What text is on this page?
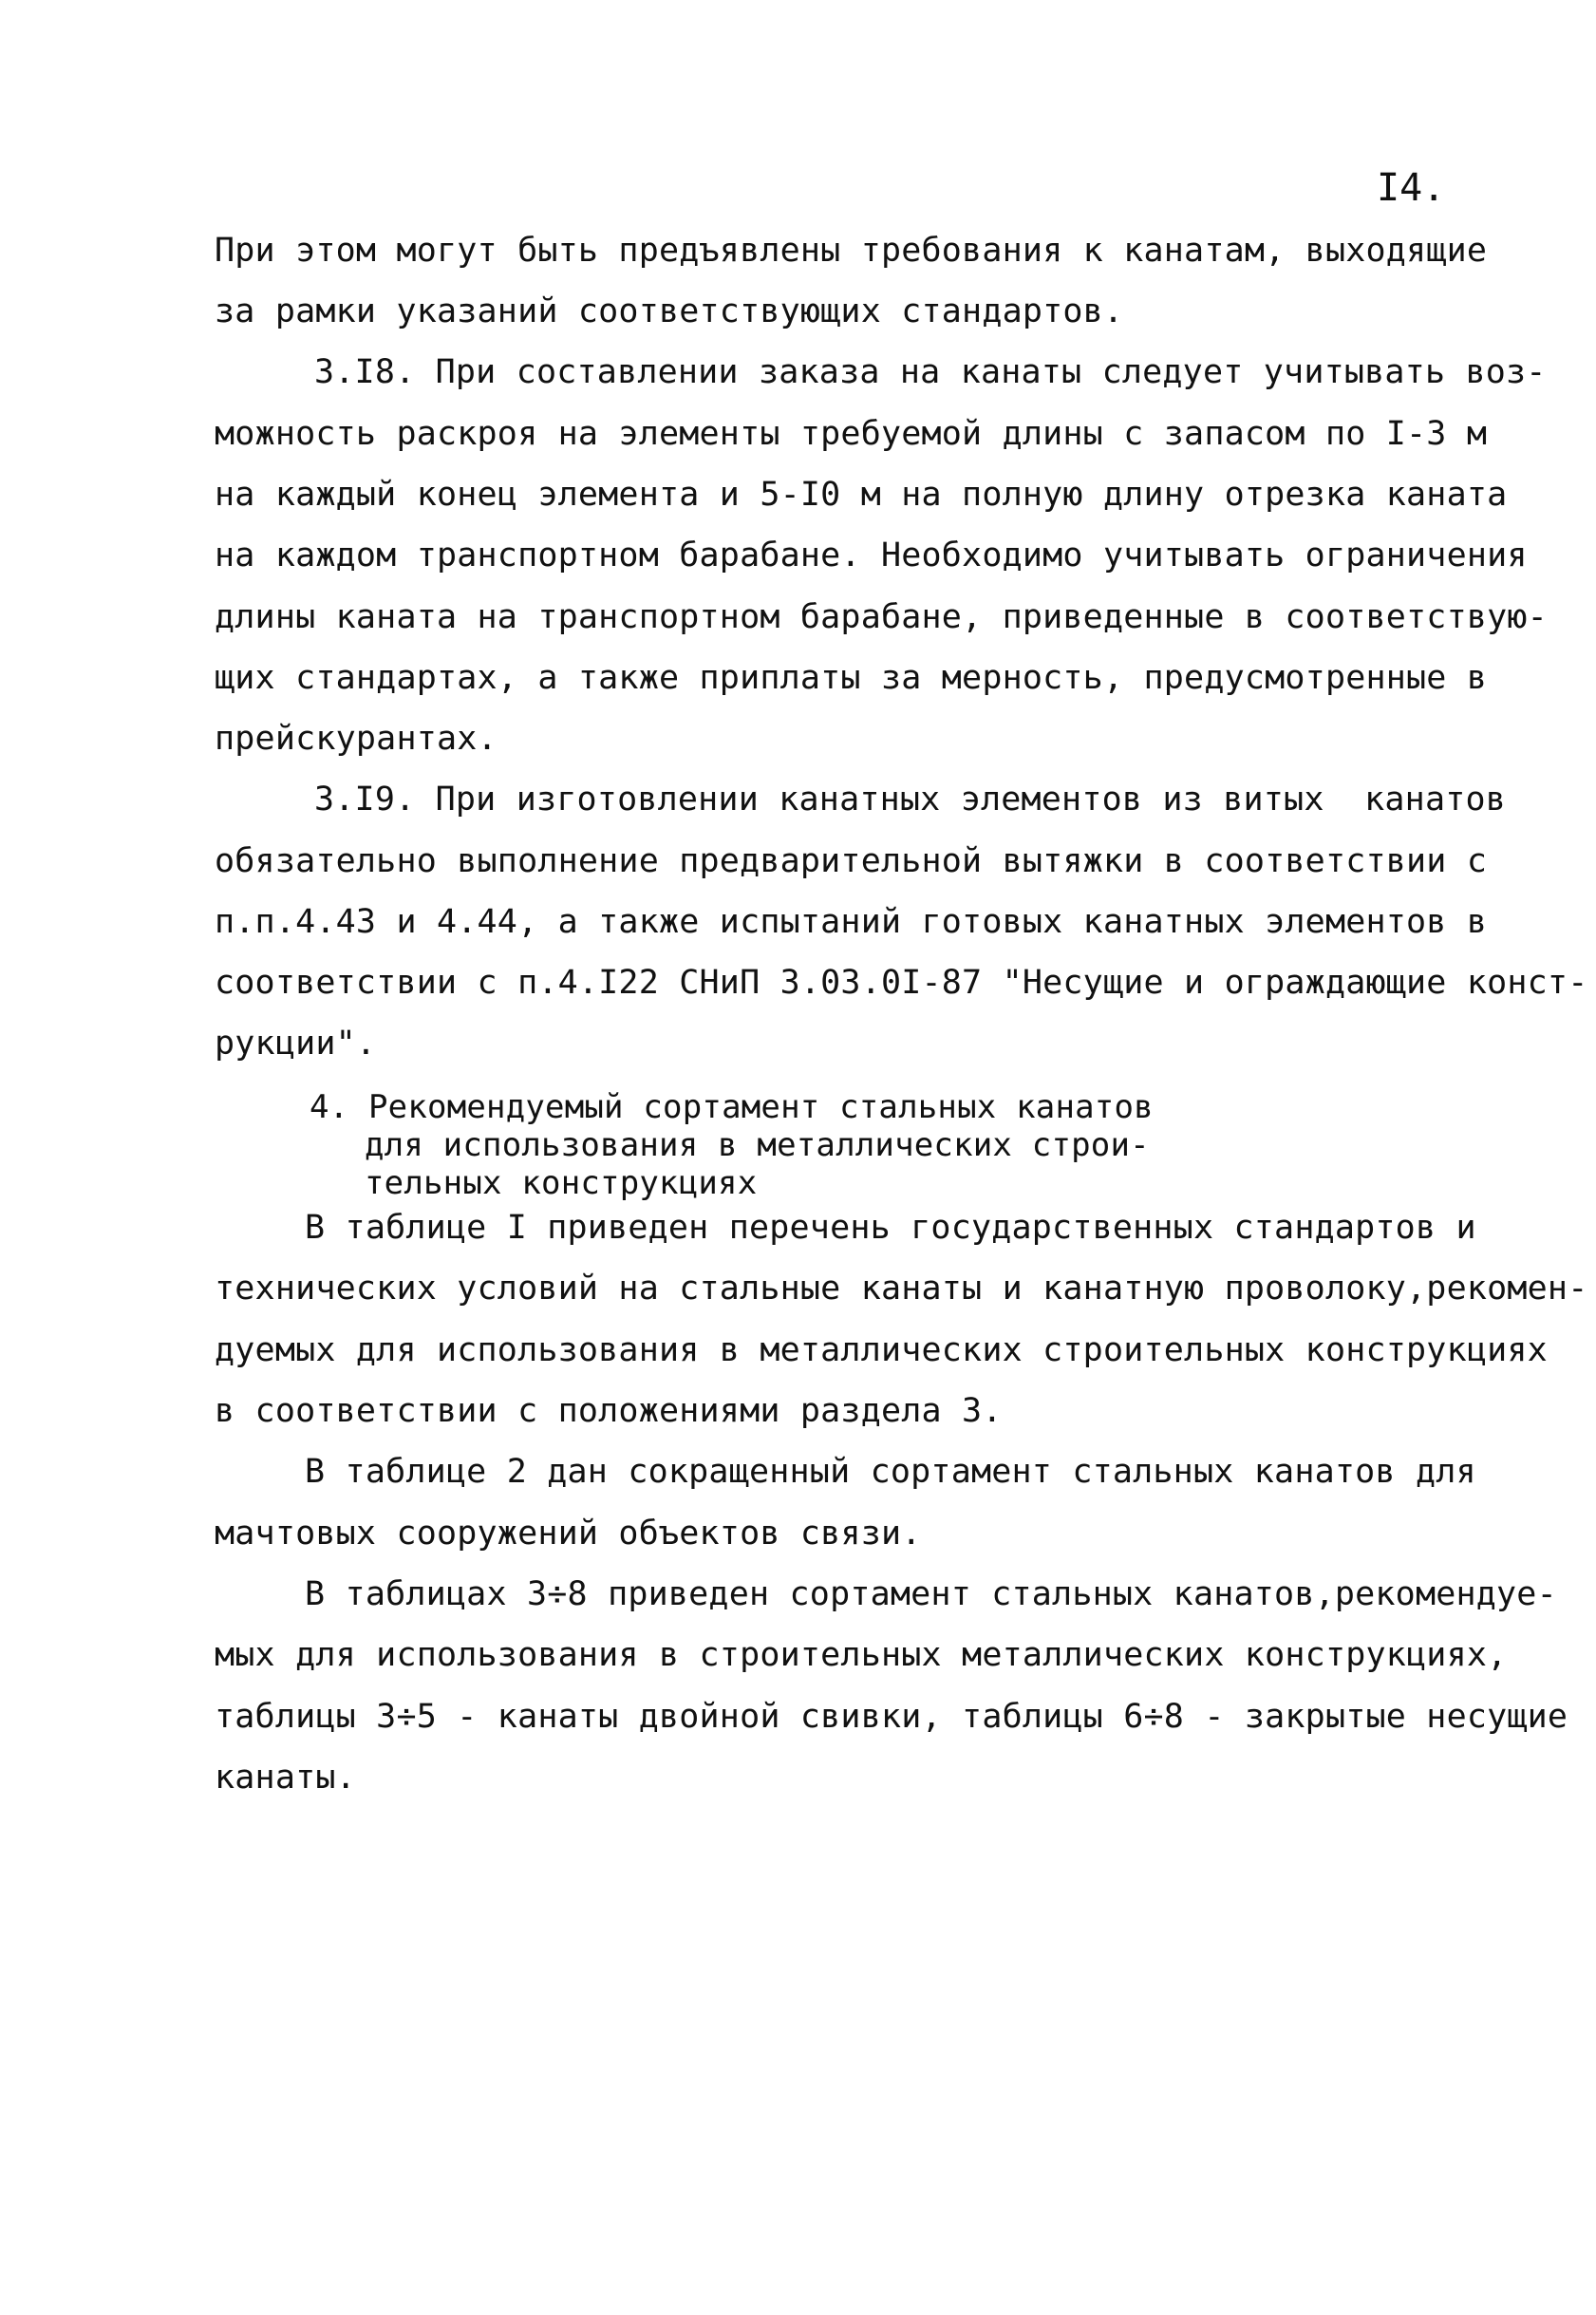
I4.
При этом могут быть предъявлены требования к канатам, выходящие
за рамки указаний соответствующих стандартов.
3.I8. При составлении заказа на канаты следует учитывать воз-
можность раскроя на элементы требуемой длины с запасом по I-3 м
на каждый конец элемента и 5-I0 м на полную длину отрезка каната
на каждом транспортном барабане. Необходимо учитывать ограничения
длины каната на транспортном барабане, приведенные в соответствую-
щих стандартах, а также приплаты за мерность, предусмотренные в
прейскурантах.
3.I9. При изготовлении канатных элементов из витых  канатов
обязательно выполнение предварительной вытяжки в соответствии с
п.п.4.43 и 4.44, а также испытаний готовых канатных элементов в
соответствии с п.4.I22 СНиП 3.03.0I-87 "Несущие и ограждающие конст-
рукции".
4. Рекомендуемый сортамент стальных канатов
для использования в металлических строи-
тельных конструкциях
В таблице I приведен перечень государственных стандартов и
технических условий на стальные канаты и канатную проволоку,рекомен-
дуемых для использования в металлических строительных конструкциях
в соответствии с положениями раздела 3.
В таблице 2 дан сокращенный сортамент стальных канатов для
мачтовых сооружений объектов связи.
В таблицах 3÷8 приведен сортамент стальных канатов,рекомендуе-
мых для использования в строительных металлических конструкциях,
таблицы 3÷5 - канаты двойной свивки, таблицы 6÷8 - закрытые несущие
канаты.
